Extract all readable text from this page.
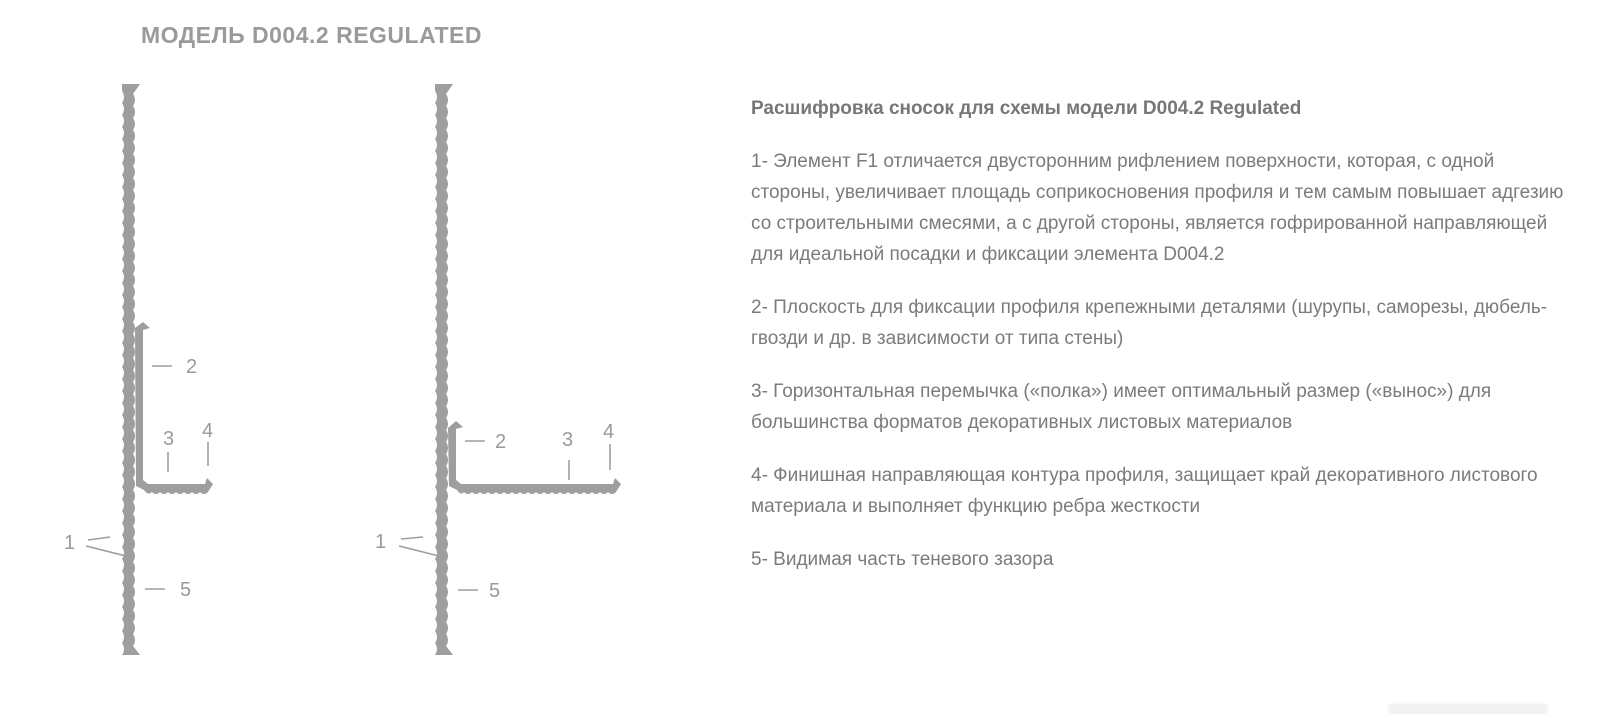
МОДЕЛЬ D004.2 REGULATED
2
3 4
1
5
2	3 4
1
5
Расшифровка сносок для схемы модели D004.2 Regulated

1- Элемент F1 отличается двусторонним рифлением поверхности, которая, с одной стороны, увеличивает площадь соприкосновения профиля и тем самым повышает адгезию со строительными смесями, а с другой стороны, является гофрированной направляющей для идеальной посадки и фиксации элемента D004.2

2- Плоскость для фиксации профиля крепежными деталями (шурупы, саморезы, дюбель-гвозди и др. в зависимости от типа стены)

3- Горизонтальная перемычка («полка») имеет оптимальный размер («вынос») для большинства форматов декоративных листовых материалов

4- Финишная направляющая контура профиля, защищает край декоративного листового материала и выполняет функцию ребра жесткости

5- Видимая часть теневого зазора
